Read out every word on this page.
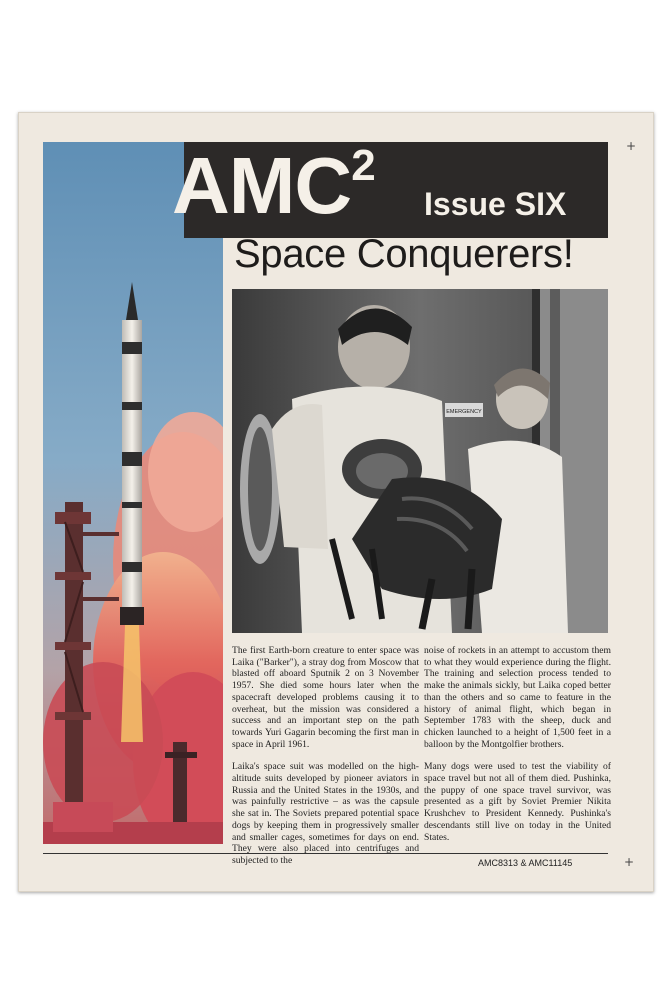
+
+
$AMC^2$
Issue SIX
Space Conquerers!
EMERGENCY

The first Earth-born creature to enter space was Laika ("Barker"), a stray dog from Moscow that blasted off aboard Sputnik 2 on 3 November 1957. She died some hours later when the spacecraft developed problems causing it to overheat, but the mission was considered a success and an important step on the path towards Yuri Gagarin becoming the first man in space in April 1961.

Laika's space suit was modelled on the high-altitude suits developed by pioneer aviators in Russia and the United States in the 1930s, and was painfully restrictive – as was the capsule she sat in. The Soviets prepared potential space dogs by keeping them in progressively smaller and smaller cages, sometimes for days on end. They were also placed into centrifuges and subjected to the

noise of rockets in an attempt to accustom them to what they would experience during the flight. The training and selection process tended to make the animals sickly, but Laika coped better than the others and so came to feature in the history of animal flight, which began in September 1783 with the sheep, duck and chicken launched to a height of 1,500 feet in a balloon by the Montgolfier brothers.

Many dogs were used to test the viability of space travel but not all of them died. Pushinka, the puppy of one space travel survivor, was presented as a gift by Soviet Premier Nikita Krushchev to President Kennedy. Pushinka's descendants still live on today in the United States.

AMC8313 & AMC11145
